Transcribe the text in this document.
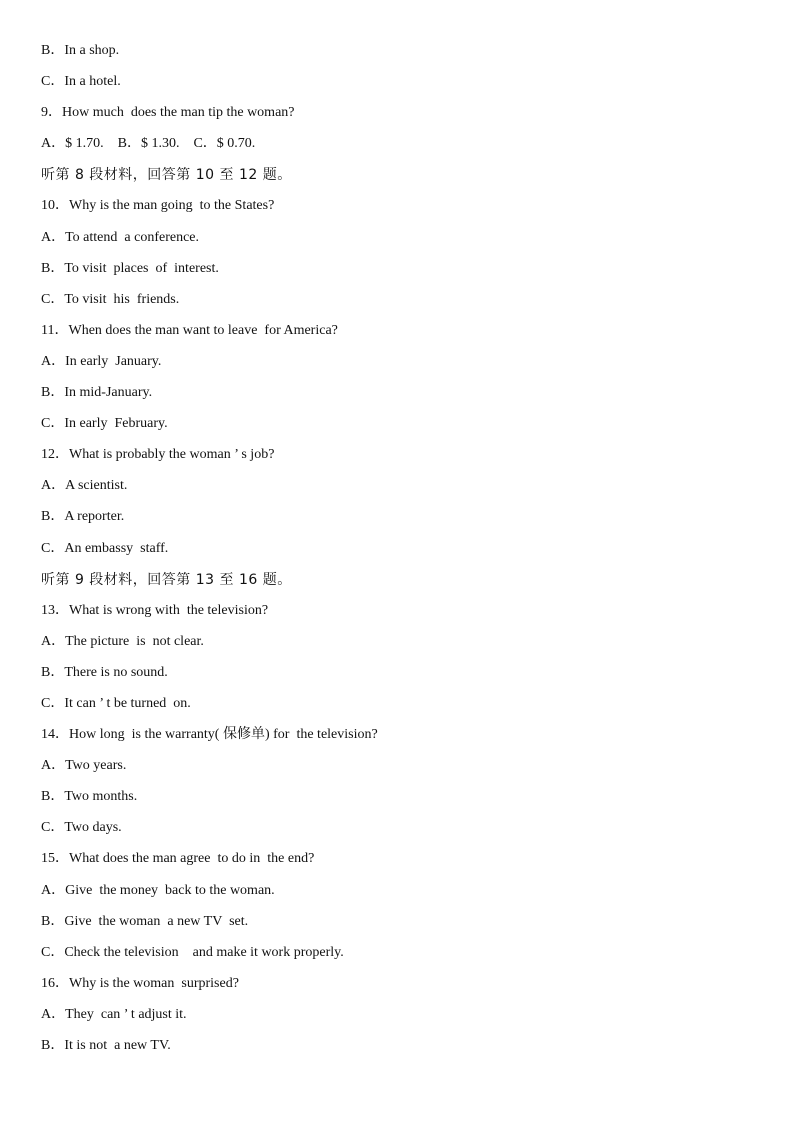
B．In a shop.
C．In a hotel.
9．How much  does the man tip the woman?
A．$ 1.70.    B．$ 1.30.    C．$ 0.70.
听第 8 段材料，回答第 10 至 12 题。
10．Why is the man going  to the States?
A．To attend  a conference.
B．To visit  places  of  interest.
C．To visit  his  friends.
11．When does the man want to leave  for America?
A．In early  January.
B．In mid-January.
C．In early  February.
12．What is probably the woman ’ s job?
A．A scientist.
B．A reporter.
C．An embassy  staff.
听第 9 段材料，回答第 13 至 16 题。
13．What is wrong with  the television?
A．The picture  is  not clear.
B．There is no sound.
C．It can ’ t be turned  on.
14．How long  is the warranty( 保修单) for  the television?
A．Two years.
B．Two months.
C．Two days.
15．What does the man agree  to do in  the end?
A．Give  the money  back to the woman.
B．Give  the woman  a new TV  set.
C．Check the television    and make it work properly.
16．Why is the woman  surprised?
A．They  can ’ t adjust it.
B．It is not  a new TV.
